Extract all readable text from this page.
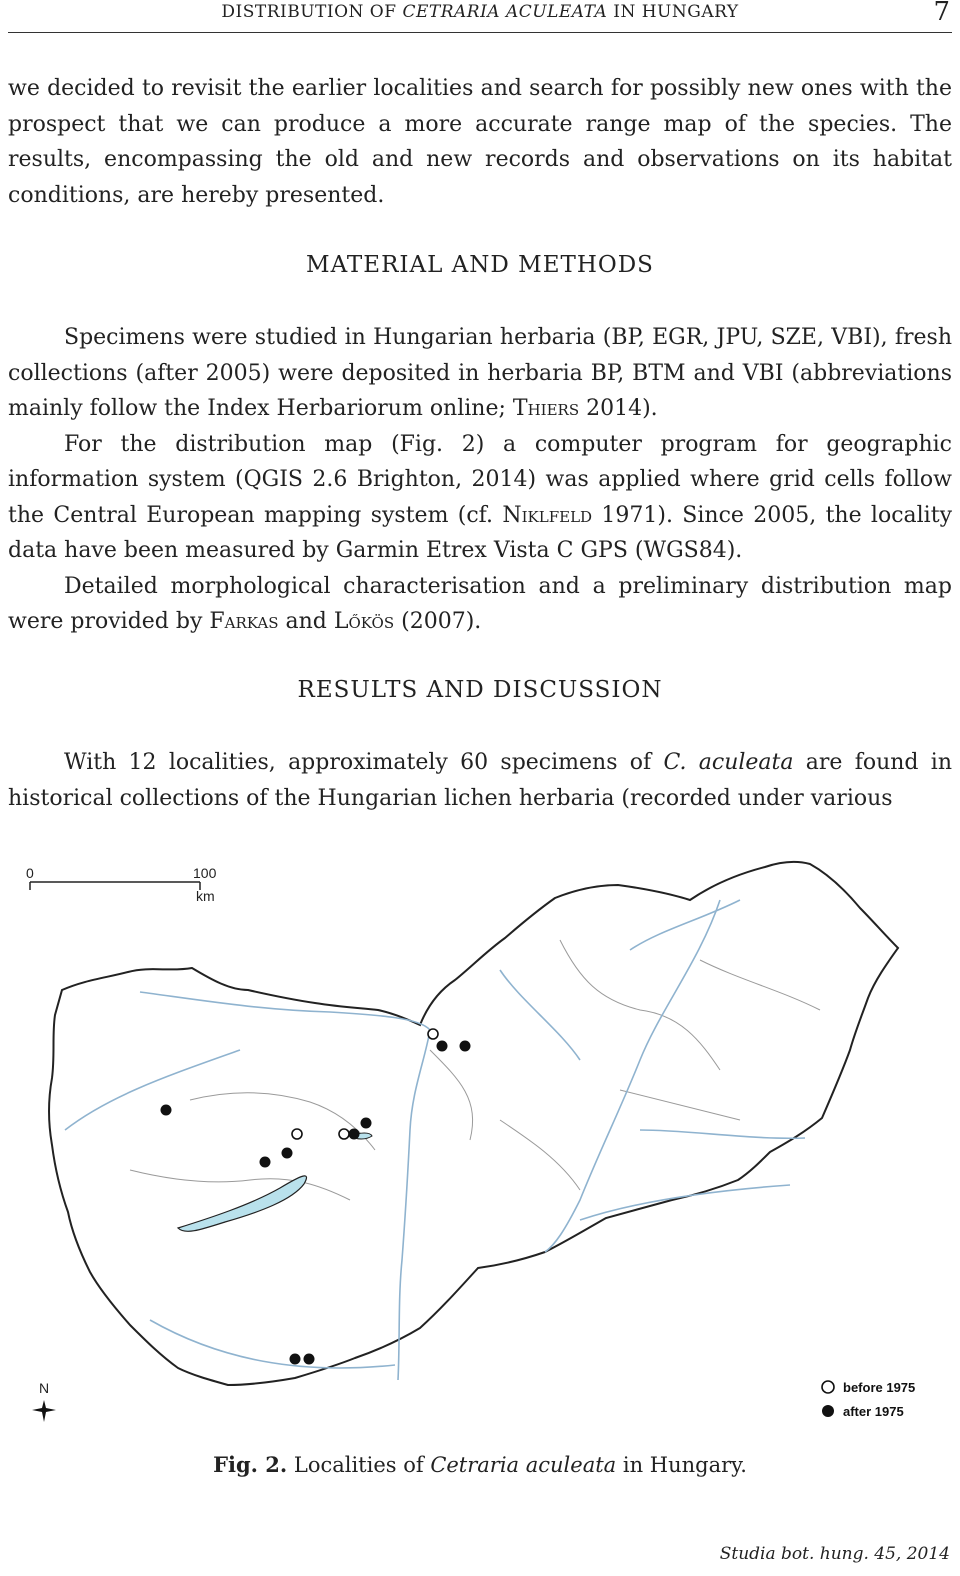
DISTRIBUTION OF CETRARIA ACULEATA IN HUNGARY	7

we decided to revisit the earlier localities and search for possibly new ones with the prospect that we can produce a more accurate range map of the species. The results, encompassing the old and new records and observations on its habitat conditions, are hereby presented.

MATERIAL AND METHODS

Specimens were studied in Hungarian herbaria (BP, EGR, JPU, SZE, VBI), fresh collections (after 2005) were deposited in herbaria BP, BTM and VBI (abbreviations mainly follow the Index Herbariorum online; Thiers 2014).

For the distribution map (Fig. 2) a computer program for geographic information system (QGIS 2.6 Brighton, 2014) was applied where grid cells follow the Central European mapping system (cf. Niklfeld 1971). Since 2005, the locality data have been measured by Garmin Etrex Vista C GPS (WGS84).

Detailed morphological characterisation and a preliminary distribution map were provided by Farkas and Lőkös (2007).

RESULTS AND DISCUSSION

With 12 localities, approximately 60 specimens of C. aculeata are found in historical collections of the Hungarian lichen herbaria (recorded under various

0	100
km
N	before 1975
after 1975
Fig. 2. Localities of Cetraria aculeata in Hungary.
Studia bot. hung. 45, 2014
